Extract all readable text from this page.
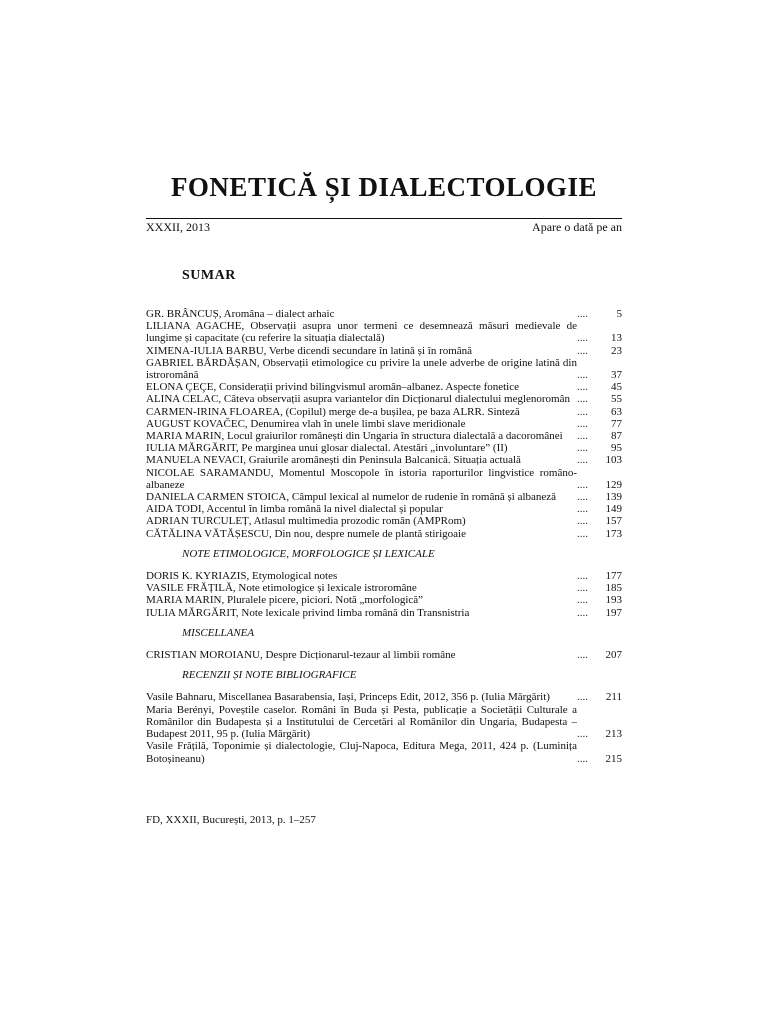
FONETICĂ ȘI DIALECTOLOGIE
XXXII, 2013	Apare o dată pe an
SUMAR
GR. BRÂNCUȘ, Aromâna – dialect arhaic	....	5
LILIANA AGACHE, Observații asupra unor termeni ce desemnează măsuri medievale de lungime și capacitate (cu referire la situația dialectală)	....	13
XIMENA-IULIA BARBU, Verbe dicendi secundare în latină și în română	....	23
GABRIEL BĂRDĂȘAN, Observații etimologice cu privire la unele adverbe de origine latină din istroromână	....	37
ELONA ÇEÇE, Considerații privind bilingvismul aromân–albanez. Aspecte fonetice	....	45
ALINA CELAC, Câteva observații asupra variantelor din Dicționarul dialectului meglenoromân ....	55
CARMEN-IRINA FLOAREA, (Copilul) merge de-a bușilea, pe baza ALRR. Sinteză	....	63
AUGUST KOVAČEC, Denumirea vlah în unele limbi slave meridionale	....	77
MARIA MARIN, Locul graiurilor românești din Ungaria în structura dialectală a dacoromânei	....	87
IULIA MĂRGĂRIT, Pe marginea unui glosar dialectal. Atestări „involuntare” (II)	....	95
MANUELA NEVACI, Graiurile aromânești din Peninsula Balcanică. Situația actuală	....	103
NICOLAE SARAMANDU, Momentul Moscopole în istoria raporturilor lingvistice româno-albaneze	....	129
DANIELA CARMEN STOICA, Câmpul lexical al numelor de rudenie în română și albaneză	....	139
AIDA TODI, Accentul în limba română la nivel dialectal și popular	....	149
ADRIAN TURCULEȚ, Atlasul multimedia prozodic român (AMPRom)	....	157
CĂTĂLINA VĂTĂȘESCU, Din nou, despre numele de plantă stirigoaie	....	173
NOTE ETIMOLOGICE, MORFOLOGICE ȘI LEXICALE
DORIS K. KYRIAZIS, Etymological notes	....	177
VASILE FRĂȚILĂ, Note etimologice și lexicale istroromâne	....	185
MARIA MARIN, Pluralele picere, piciori. Notă „morfologică”	....	193
IULIA MĂRGĂRIT, Note lexicale privind limba română din Transnistria	....	197
MISCELLANEA
CRISTIAN MOROIANU, Despre Dicționarul-tezaur al limbii române	....	207
RECENZII ȘI NOTE BIBLIOGRAFICE
Vasile Bahnaru, Miscellanea Basarabensia, Iași, Princeps Edit, 2012, 356 p. (Iulia Mărgărit)	....	211
Maria Berényi, Poveștile caselor. Români în Buda și Pesta, publicație a Societății Culturale a Românilor din Budapesta și a Institutului de Cercetări al Românilor din Ungaria, Budapesta – Budapest 2011, 95 p. (Iulia Mărgărit)	....	213
Vasile Frățilă, Toponimie și dialectologie, Cluj-Napoca, Editura Mega, 2011, 424 p. (Luminița Botoșineanu)	....	215
FD, XXXII, București, 2013, p. 1–257
